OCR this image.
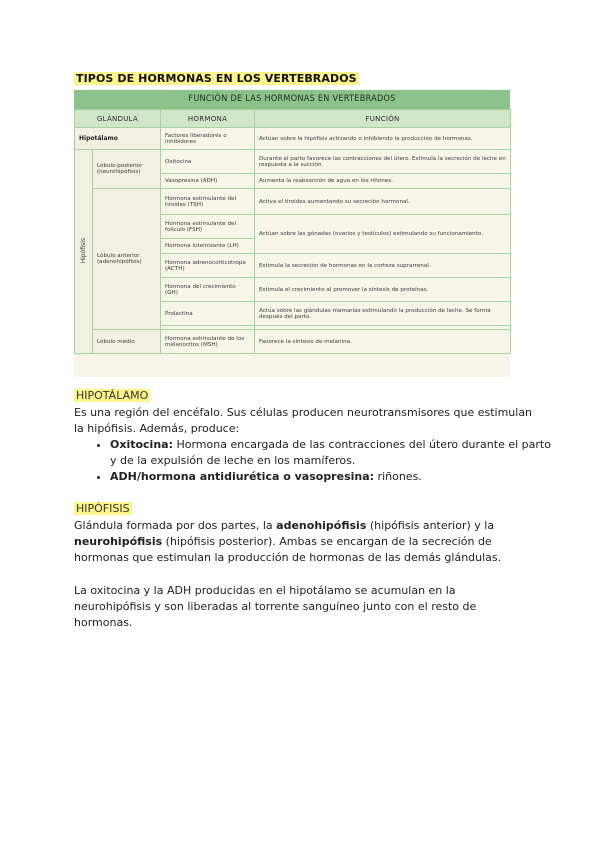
TIPOS DE HORMONAS EN LOS VERTEBRADOS
FUNCIÓN DE LAS HORMONAS EN VERTEBRADOS
GLÁNDULA		HORMONA	FUNCIÓN
Hipotálamo		Factores liberadores o inhibidores	Actúan sobre la hipófisis activando o inhibiendo la producción de hormonas.
Hipófisis	Lóbulo posterior (neurohipófisis)	Oxitocina	Durante el parto favorece las contracciones del útero. Estimula la secreción de leche en respuesta a la succión.
		Vasopresina (ADH)	Aumenta la reabsorción de agua en los riñones.
	Lóbulo anterior (adenohipófisis)	Hormona estimulante del tiroides (TSH)	Activa el tiroides aumentando su secreción hormonal.
		Hormona estimulante del folículo (FSH)	Actúan sobre las gónadas (ovarios y testículos) estimulando su funcionamiento.
		Hormona luteinizante (LH)	
		Hormona adrenocorticotropa (ACTH)	Estimula la secreción de hormonas en la corteza suprarrenal.
		Hormona del crecimiento (GH)	Estimula el crecimiento al promover la síntesis de proteínas.
		Prolactina	Actúa sobre las glándulas mamarias estimulando la producción de leche. Se forma después del parto.

	Lóbulo medio	Hormona estimulante de los melanocitos (MSH)	Favorece la síntesis de melanina.
HIPOTÁLAMO

Es una región del encéfalo. Sus células producen neurotransmisores que estimulan la hipófisis. Además, produce:

• Oxitocina: Hormona encargada de las contracciones del útero durante el parto y de la expulsión de leche en los mamíferos.
• ADH/hormona antidiurética o vasopresina: riñones.
HIPÓFISIS

Glándula formada por dos partes, la adenohipófisis (hipófisis anterior) y la neurohipófisis (hipófisis posterior). Ambas se encargan de la secreción de hormonas que estimulan la producción de hormonas de las demás glándulas.

La oxitocina y la ADH producidas en el hipotálamo se acumulan en la neurohipófisis y son liberadas al torrente sanguíneo junto con el resto de hormonas.
